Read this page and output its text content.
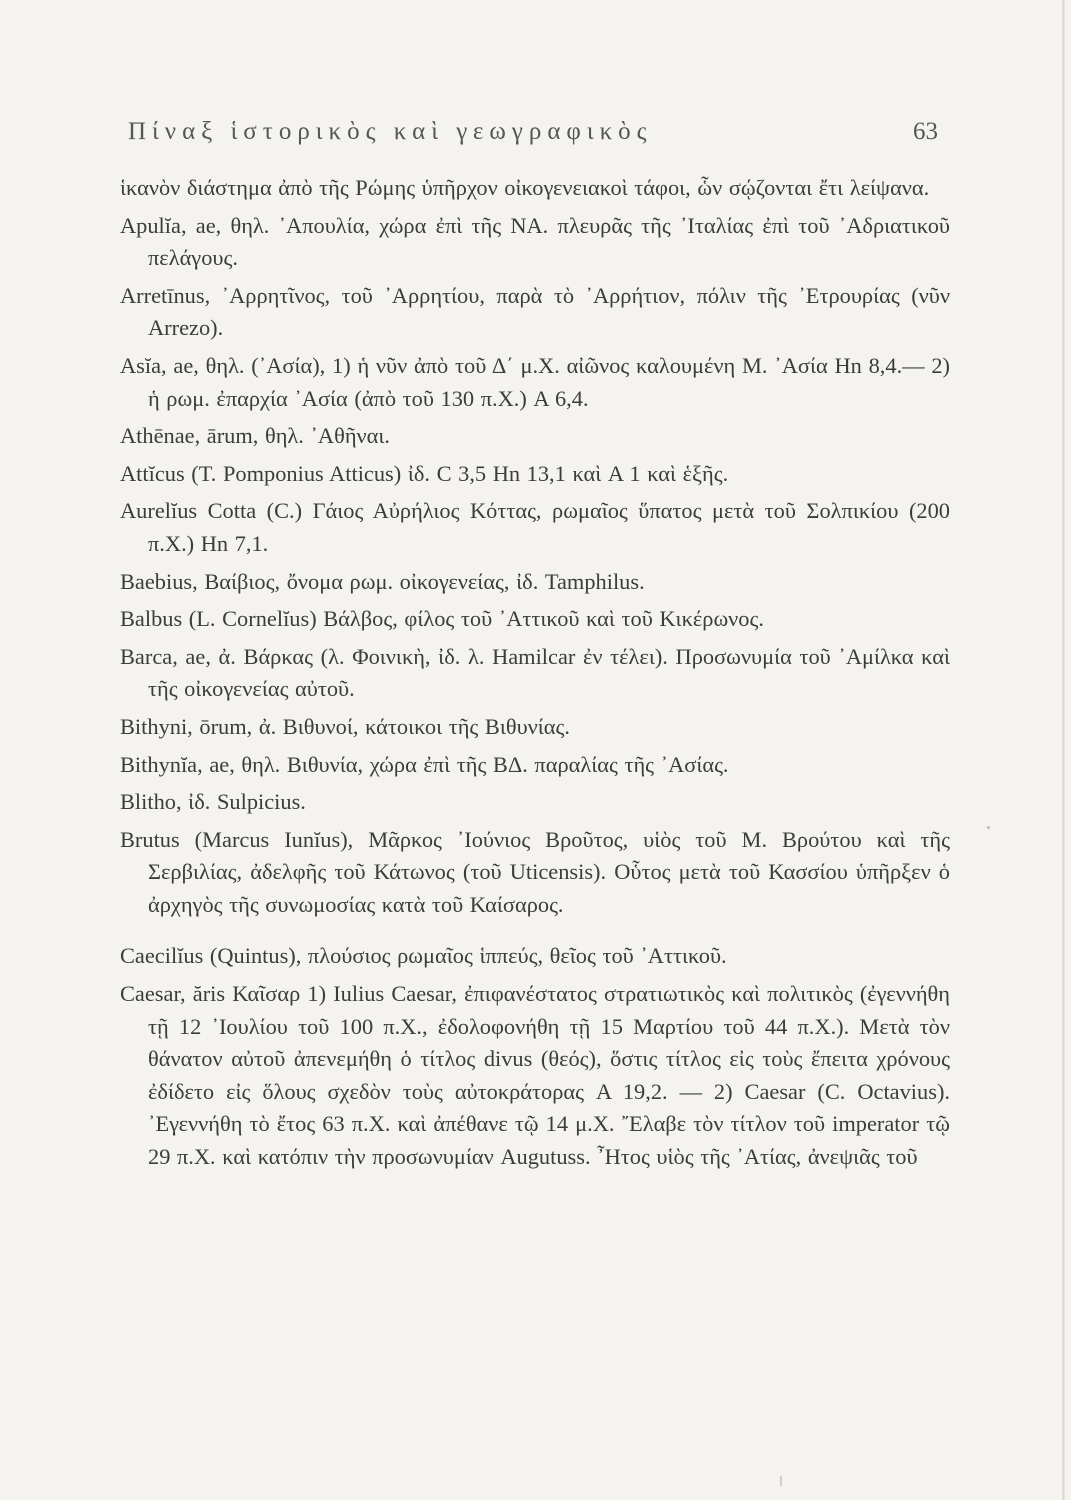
Πίναξ ἱστορικὸς καὶ γεωγραφικὸς	63

ἱκανὸν διάστημα ἀπὸ τῆς Ρώμης ὑπῆρχον οἰκογενειακοὶ τάφοι, ὧν σῴζονται ἔτι λείψανα.

Apulĭa, ae, θηλ. ᾿Απουλία, χώρα ἐπὶ τῆς ΝΑ. πλευρᾶς τῆς ᾿Ιταλίας ἐπὶ τοῦ ᾿Αδριατικοῦ πελάγους.

Arretīnus, ᾿Αρρητῖνος, τοῦ ᾿Αρρητίου, παρὰ τὸ ᾿Αρρήτιον, πόλιν τῆς ᾿Ετρουρίας (νῦν Arrezo).

Asĭa, ae, θηλ. (᾿Ασία), 1) ἡ νῦν ἀπὸ τοῦ Δ΄ μ.Χ. αἰῶνος καλουμένη Μ. ᾿Ασία Hn 8,4.— 2) ἡ ρωμ. ἐπαρχία ᾿Ασία (ἀπὸ τοῦ 130 π.Χ.) A 6,4.

Athēnae, ārum, θηλ. ᾿Αθῆναι.

Attĭcus (T. Pomponius Atticus) ἰδ. C 3,5 Hn 13,1 καὶ A 1 καὶ ἑξῆς.

Aurelĭus Cotta (C.) Γάιος Αὐρήλιος Κόττας, ρωμαῖος ὕπατος μετὰ τοῦ Σολπικίου (200 π.Χ.) Hn 7,1.

Baebius, Βαίβιος, ὄνομα ρωμ. οἰκογενείας, ἰδ. Tamphilus.

Balbus (L. Cornelĭus) Βάλβος, φίλος τοῦ ᾿Αττικοῦ καὶ τοῦ Κικέρωνος.

Barca, ae, ἀ. Βάρκας (λ. Φοινικὴ, ἰδ. λ. Hamilcar ἐν τέλει). Προσωνυμία τοῦ ᾿Αμίλκα καὶ τῆς οἰκογενείας αὐτοῦ.

Bithyni, ōrum, ἀ. Βιθυνοί, κάτοικοι τῆς Βιθυνίας.

Bithynĭa, ae, θηλ. Βιθυνία, χώρα ἐπὶ τῆς ΒΔ. παραλίας τῆς ᾿Ασίας.

Blitho, ἰδ. Sulpicius.

Brutus (Marcus Iunĭus), Μᾶρκος ᾿Ιούνιος Βροῦτος, υἱὸς τοῦ Μ. Βρούτου καὶ τῆς Σερβιλίας, ἀδελφῆς τοῦ Κάτωνος (τοῦ Uticensis). Οὗτος μετὰ τοῦ Κασσίου ὑπῆρξεν ὁ ἀρχηγὸς τῆς συνωμοσίας κατὰ τοῦ Καίσαρος.

Caecilĭus (Quintus), πλούσιος ρωμαῖος ἱππεύς, θεῖος τοῦ ᾿Αττικοῦ.

Caesar, ăris Καῖσαρ 1) Iulius Caesar, ἐπιφανέστατος στρατιωτικὸς καὶ πολιτικὸς (ἐγεννήθη τῇ 12 ᾿Ιουλίου τοῦ 100 π.Χ., ἐδολοφονήθη τῇ 15 Μαρτίου τοῦ 44 π.Χ.). Μετὰ τὸν θάνατον αὐτοῦ ἀπενεμήθη ὁ τίτλος divus (θεός), ὅστις τίτλος εἰς τοὺς ἔπειτα χρόνους ἐδίδετο εἰς ὅλους σχεδὸν τοὺς αὐτοκράτορας A 19,2. — 2) Caesar (C. Octavius). ᾿Εγεννήθη τὸ ἔτος 63 π.Χ. καὶ ἀπέθανε τῷ 14 μ.Χ. ῎Ελαβε τὸν τίτλον τοῦ imperator τῷ 29 π.Χ. καὶ κατόπιν τὴν προσωνυμίαν Augutuss. ῏Ητος υἱὸς τῆς ᾿Ατίας, ἀνεψιᾶς τοῦ
